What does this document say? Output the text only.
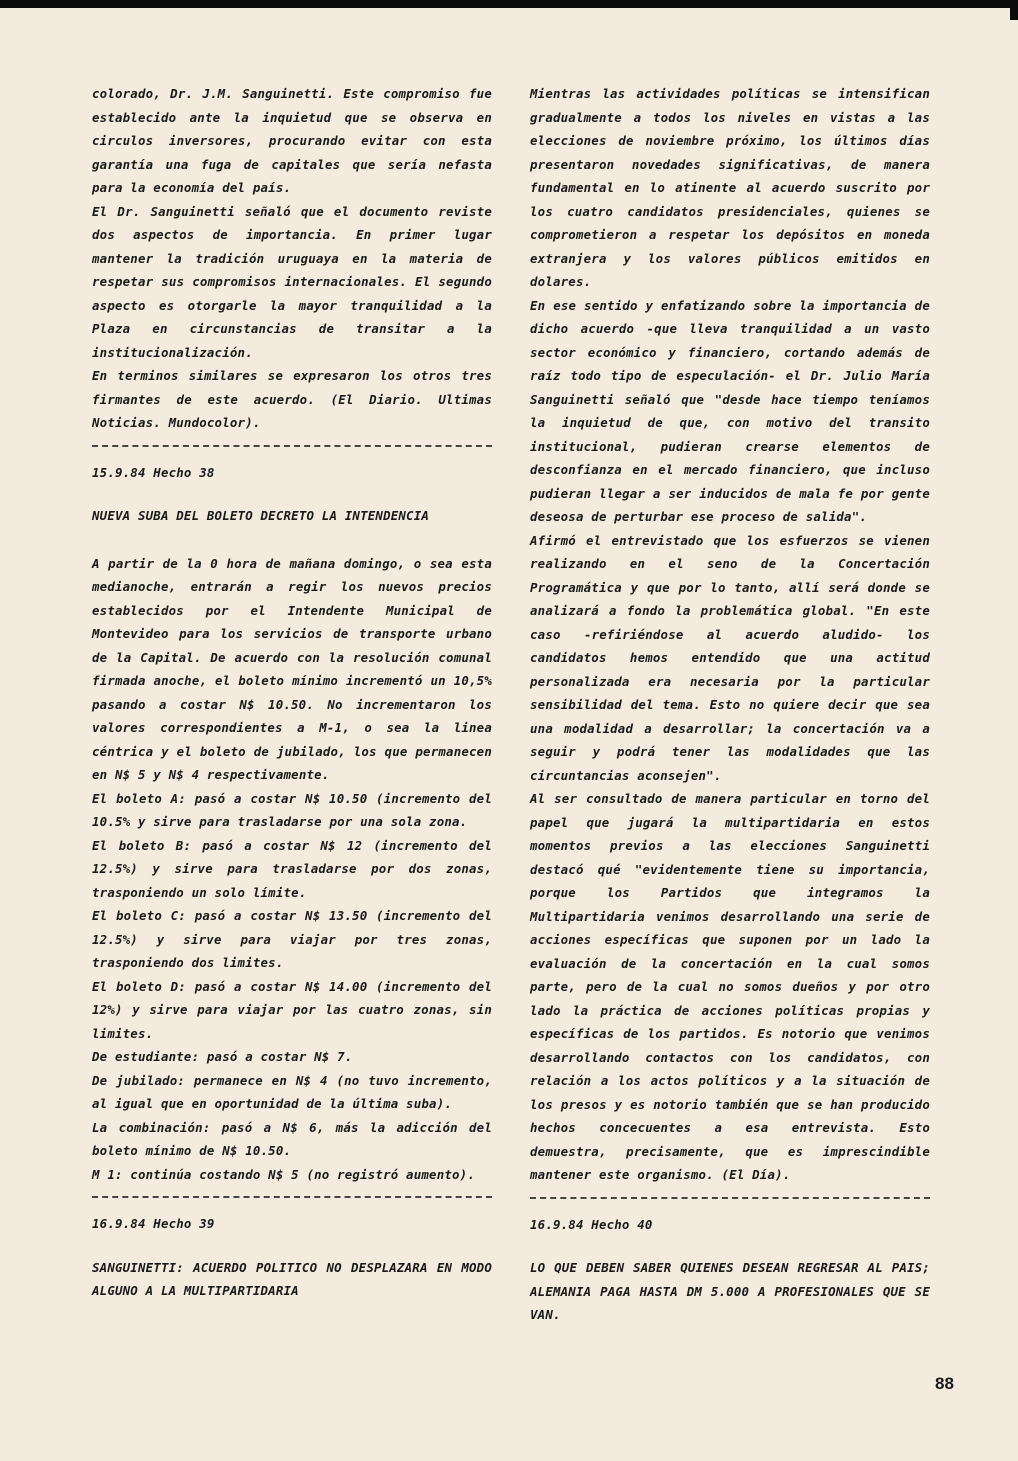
colorado, Dr. J.M. Sanguinetti. Este compromiso fue establecido ante la inquietud que se observa en circulos inversores, procurando evitar con esta garantía una fuga de capitales que sería nefasta para la economía del país.

El Dr. Sanguinetti señaló que el documento reviste dos aspectos de importancia. En primer lugar mantener la tradición uruguaya en la materia de respetar sus compromisos internacionales. El segundo aspecto es otorgarle la mayor tranquilidad a la Plaza en circunstancias de transitar a la institucionalización.

En terminos similares se expresaron los otros tres firmantes de este acuerdo. (El Diario. Ultimas Noticias. Mundocolor).

15.9.84 Hecho 38

NUEVA SUBA DEL BOLETO DECRETO LA INTENDENCIA

A partir de la 0 hora de mañana domingo, o sea esta medianoche, entrarán a regir los nuevos precios establecidos por el Intendente Municipal de Montevideo para los servicios de transporte urbano de la Capital. De acuerdo con la resolución comunal firmada anoche, el boleto mínimo incrementó un 10,5% pasando a costar N$ 10.50. No incrementaron los valores correspondientes a M-1, o sea la linea céntrica y el boleto de jubilado, los que permanecen en N$ 5 y N$ 4 respectivamente.

El boleto A: pasó a costar N$ 10.50 (incremento del 10.5% y sirve para trasladarse por una sola zona.

El boleto B: pasó a costar N$ 12 (incremento del 12.5%) y sirve para trasladarse por dos zonas, trasponiendo un solo límite.

El boleto C: pasó a costar N$ 13.50 (incremento del 12.5%) y sirve para viajar por tres zonas, trasponiendo dos limites.

El boleto D: pasó a costar N$ 14.00 (incremento del 12%) y sirve para viajar por las cuatro zonas, sin limites.

De estudiante: pasó a costar N$ 7.

De jubilado: permanece en N$ 4 (no tuvo incremento, al igual que en oportunidad de la última suba).

La combinación: pasó a N$ 6, más la adicción del boleto mínimo de N$ 10.50.

M 1: continúa costando N$ 5 (no registró aumento).

16.9.84 Hecho 39

SANGUINETTI: ACUERDO POLITICO NO DESPLAZARA EN MODO ALGUNO A LA MULTIPARTIDARIA

Mientras las actividades políticas se intensifican gradualmente a todos los niveles en vistas a las elecciones de noviembre próximo, los últimos días presentaron novedades significativas, de manera fundamental en lo atinente al acuerdo suscrito por los cuatro candidatos presidenciales, quienes se comprometieron a respetar los depósitos en moneda extranjera y los valores públicos emitidos en dolares.

En ese sentido y enfatizando sobre la importancia de dicho acuerdo -que lleva tranquilidad a un vasto sector económico y financiero, cortando además de raíz todo tipo de especulación- el Dr. Julio María Sanguinetti señaló que "desde hace tiempo teníamos la inquietud de que, con motivo del transito institucional, pudieran crearse elementos de desconfianza en el mercado financiero, que incluso pudieran llegar a ser inducidos de mala fe por gente deseosa de perturbar ese proceso de salida".

Afirmó el entrevistado que los esfuerzos se vienen realizando en el seno de la Concertación Programática y que por lo tanto, allí será donde se analizará a fondo la problemática global. "En este caso -refiriéndose al acuerdo aludido- los candidatos hemos entendido que una actitud personalizada era necesaria por la particular sensibilidad del tema. Esto no quiere decir que sea una modalidad a desarrollar; la concertación va a seguir y podrá tener las modalidades que las circuntancias aconsejen".

Al ser consultado de manera particular en torno del papel que jugará la multipartidaria en estos momentos previos a las elecciones Sanguinetti destacó qué "evidentemente tiene su importancia, porque los Partidos que integramos la Multipartidaria venimos desarrollando una serie de acciones específicas que suponen por un lado la evaluación de la concertación en la cual somos parte, pero de la cual no somos dueños y por otro lado la práctica de acciones políticas propias y específicas de los partidos. Es notorio que venimos desarrollando contactos con los candidatos, con relación a los actos políticos y a la situación de los presos y es notorio también que se han producido hechos concecuentes a esa entrevista. Esto demuestra, precisamente, que es imprescindible mantener este organismo. (El Día).

16.9.84 Hecho 40

LO QUE DEBEN SABER QUIENES DESEAN REGRESAR AL PAIS; ALEMANIA PAGA HASTA DM 5.000 A PROFESIONALES QUE SE VAN.

88
